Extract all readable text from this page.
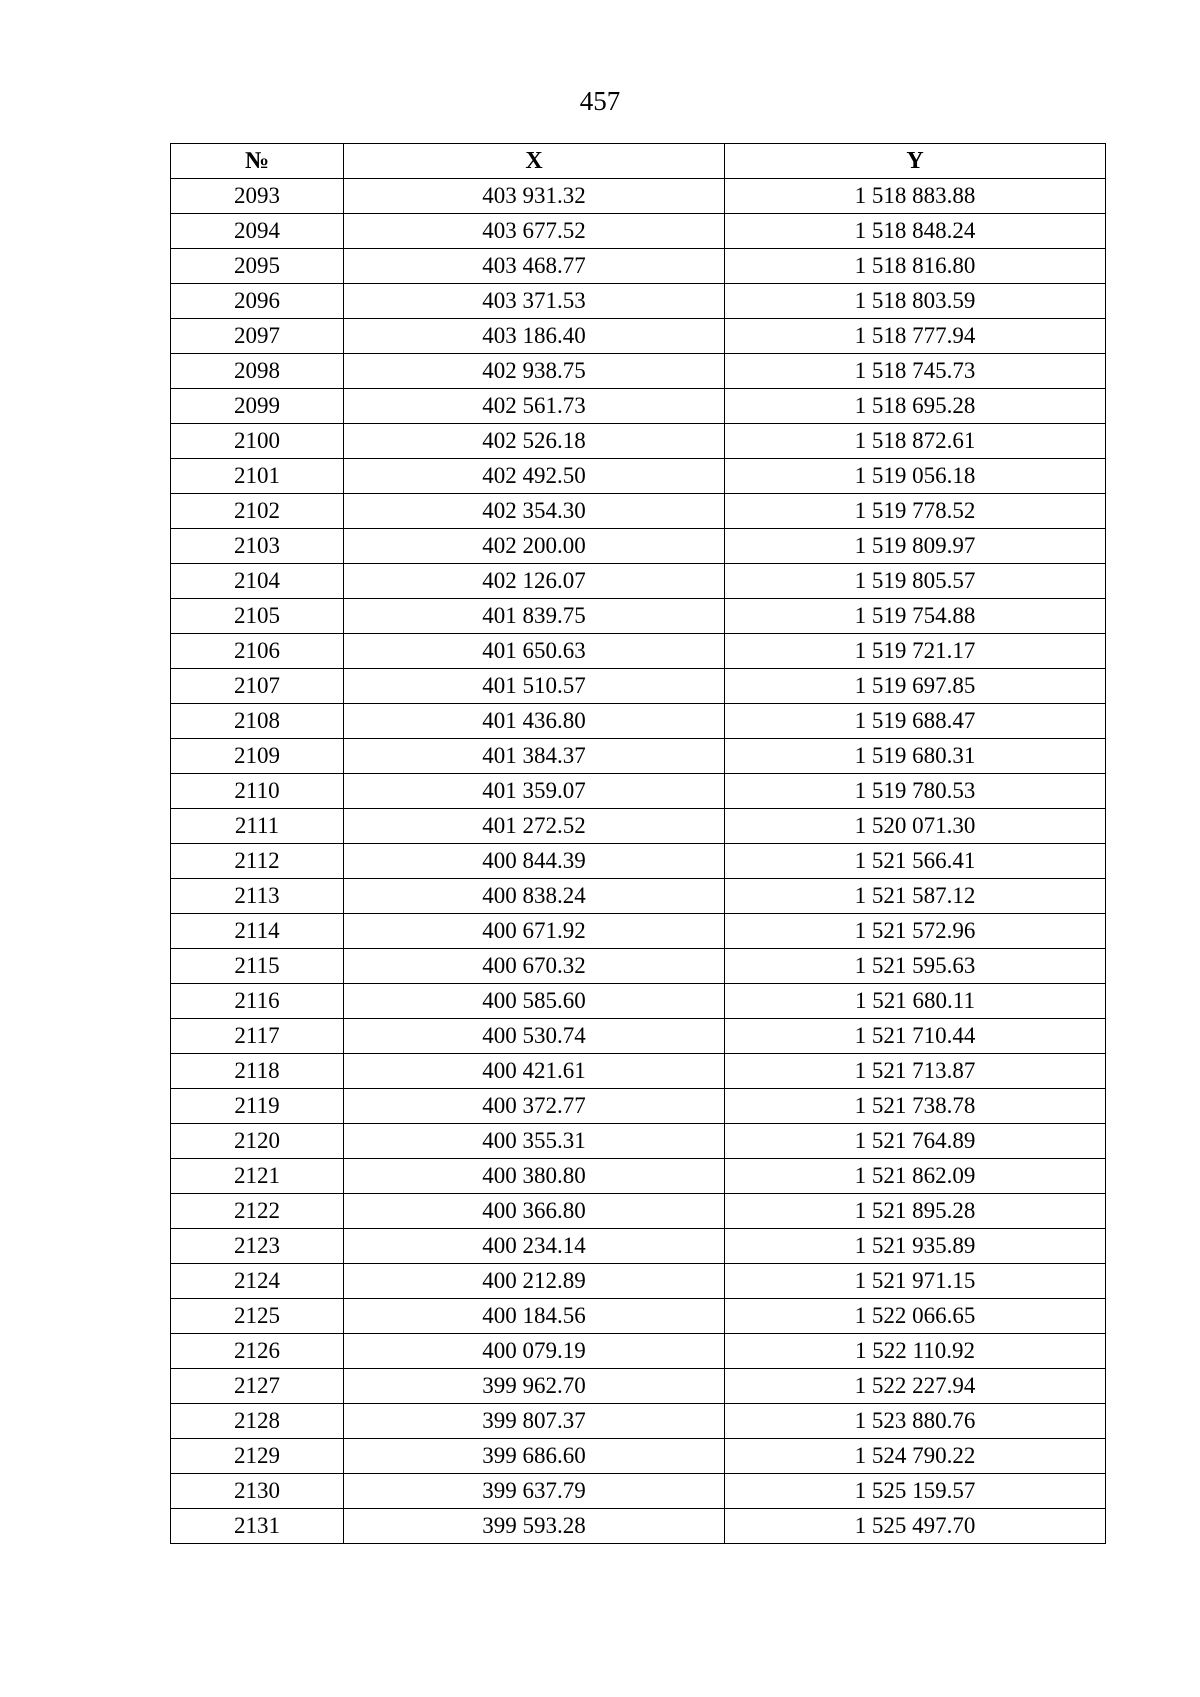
457
№	X	Y
2093	403 931.32	1 518 883.88
2094	403 677.52	1 518 848.24
2095	403 468.77	1 518 816.80
2096	403 371.53	1 518 803.59
2097	403 186.40	1 518 777.94
2098	402 938.75	1 518 745.73
2099	402 561.73	1 518 695.28
2100	402 526.18	1 518 872.61
2101	402 492.50	1 519 056.18
2102	402 354.30	1 519 778.52
2103	402 200.00	1 519 809.97
2104	402 126.07	1 519 805.57
2105	401 839.75	1 519 754.88
2106	401 650.63	1 519 721.17
2107	401 510.57	1 519 697.85
2108	401 436.80	1 519 688.47
2109	401 384.37	1 519 680.31
2110	401 359.07	1 519 780.53
2111	401 272.52	1 520 071.30
2112	400 844.39	1 521 566.41
2113	400 838.24	1 521 587.12
2114	400 671.92	1 521 572.96
2115	400 670.32	1 521 595.63
2116	400 585.60	1 521 680.11
2117	400 530.74	1 521 710.44
2118	400 421.61	1 521 713.87
2119	400 372.77	1 521 738.78
2120	400 355.31	1 521 764.89
2121	400 380.80	1 521 862.09
2122	400 366.80	1 521 895.28
2123	400 234.14	1 521 935.89
2124	400 212.89	1 521 971.15
2125	400 184.56	1 522 066.65
2126	400 079.19	1 522 110.92
2127	399 962.70	1 522 227.94
2128	399 807.37	1 523 880.76
2129	399 686.60	1 524 790.22
2130	399 637.79	1 525 159.57
2131	399 593.28	1 525 497.70
